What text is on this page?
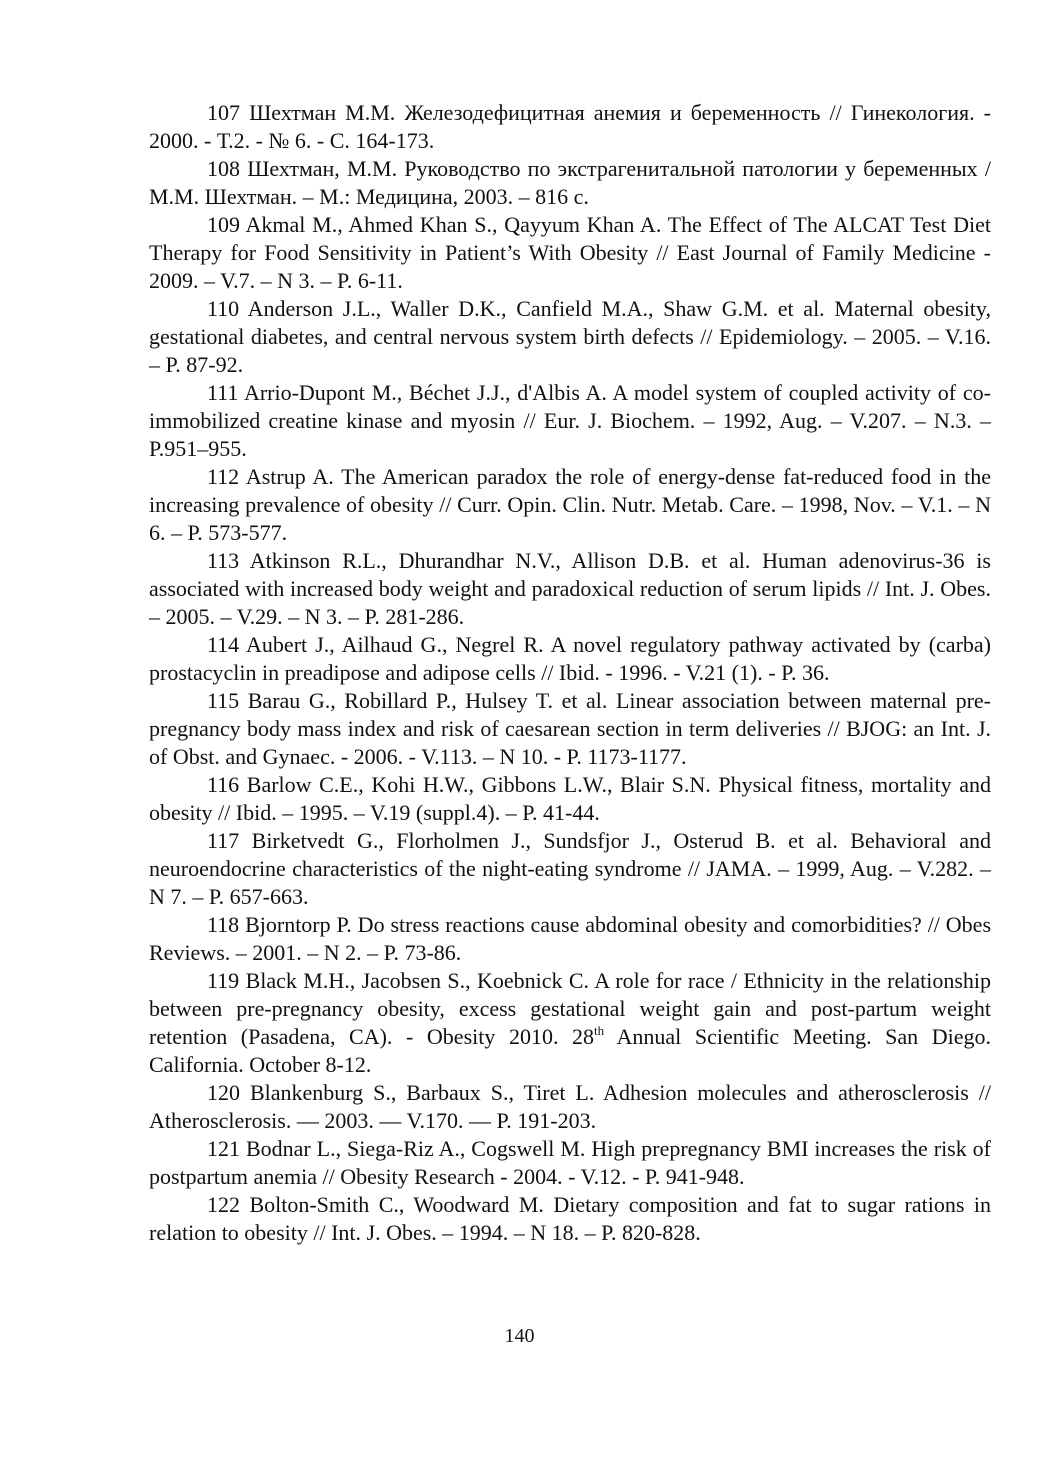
107 Шехтман М.М. Железодефицитная анемия и беременность // Гинекология. - 2000. - Т.2. - № 6. - С. 164-173.

108 Шехтман, М.М. Руководство по экстрагенитальной патологии у беременных / М.М. Шехтман. – М.: Медицина, 2003. – 816 с.

109 Akmal M., Ahmed Khan S., Qayyum Khan A. The Effect of The ALCAT Test Diet Therapy for Food Sensitivity in Patient’s With Obesity // East Journal of Family Medicine - 2009. – V.7. – N 3. – P. 6-11.

110 Anderson J.L., Waller D.K., Canfield M.A., Shaw G.M. et al. Maternal obesity, gestational diabetes, and central nervous system birth defects // Epidemiology. – 2005. – V.16. – P. 87-92.

111 Arrio-Dupont M., Béchet J.J., d'Albis A. A model system of coupled activity of co-immobilized creatine kinase and myosin // Eur. J. Biochem. – 1992, Aug. – V.207. – N.3. – P.951–955.

112 Astrup A. The American paradox the role of energy-dense fat-reduced food in the increasing prevalence of obesity // Curr. Opin. Clin. Nutr. Metab. Care. – 1998, Nov. – V.1. – N 6. – P. 573-577.

113 Atkinson R.L., Dhurandhar N.V., Allison D.B. et al. Human adenovirus-36 is associated with increased body weight and paradoxical reduction of serum lipids // Int. J. Obes. – 2005. – V.29. – N 3. – P. 281-286.

114 Aubert J., Ailhaud G., Negrel R. A novel regulatory pathway activated by (carba) prostacyclin in preadipose and adipose cells // Ibid. - 1996. - V.21 (1). - P. 36.

115 Barau G., Robillard P., Hulsey T. et al. Linear association between maternal pre-pregnancy body mass index and risk of caesarean section in term deliveries // BJOG: an Int. J. of Obst. and Gynaec. - 2006. - V.113. – N 10. - P. 1173-1177.

116 Barlow C.E., Kohi H.W., Gibbons L.W., Blair S.N. Physical fitness, mortality and obesity // Ibid. – 1995. – V.19 (suppl.4). – P. 41-44.

117 Birketvedt G., Florholmen J., Sundsfjor J., Osterud B. et al. Behavioral and neuroendocrine characteristics of the night-eating syndrome // JAMA. – 1999, Aug. – V.282. – N 7. – P. 657-663.

118 Bjorntorp P. Do stress reactions cause abdominal obesity and comorbidities? // Obes Reviews. – 2001. – N 2. – P. 73-86.

119 Black M.H., Jacobsen S., Koebnick C. A role for race / Ethnicity in the relationship between pre-pregnancy obesity, excess gestational weight gain and post-partum weight retention (Pasadena, CA). - Obesity 2010. 28th Annual Scientific Meeting. San Diego. California. October 8-12.

120 Blankenburg S., Barbaux S., Tiret L. Adhesion molecules and atherosclerosis // Atherosclerosis. — 2003. — V.170. — P. 191-203.

121 Bodnar L., Siega-Riz A., Cogswell M. High prepregnancy BMI increases the risk of postpartum anemia // Obesity Research - 2004. - V.12. - P. 941-948.

122 Bolton-Smith C., Woodward M. Dietary composition and fat to sugar rations in relation to obesity // Int. J. Obes. – 1994. – N 18. – P. 820-828.

140
